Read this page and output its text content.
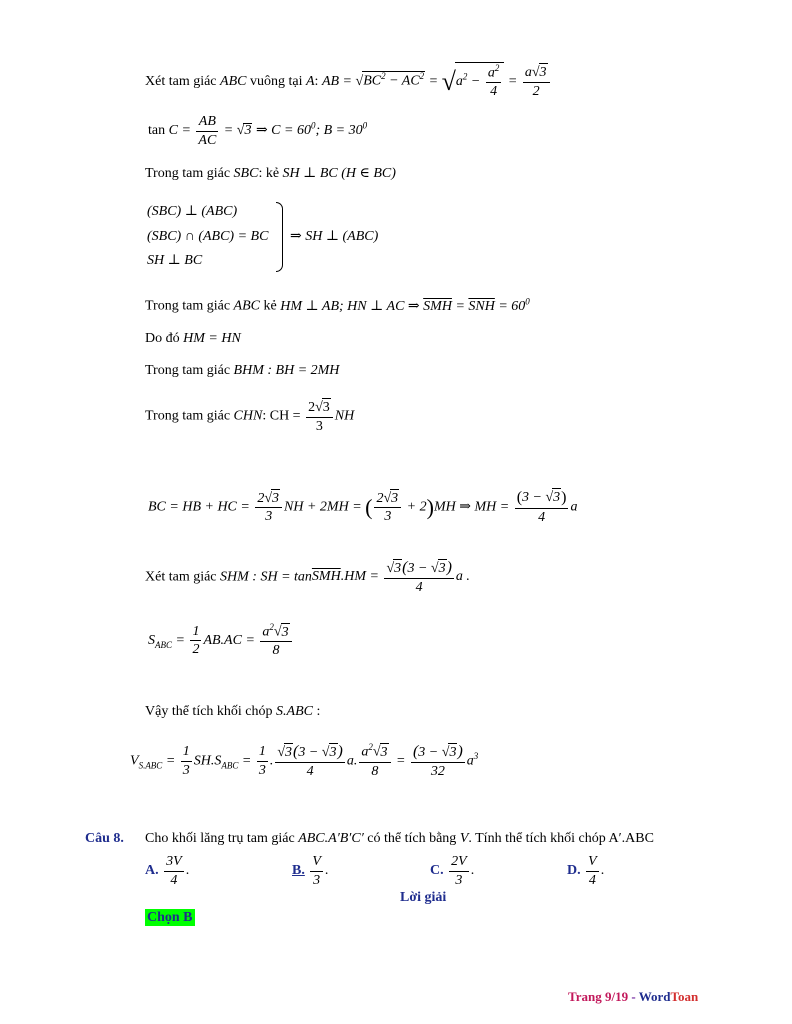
Xét tam giác ABC vuông tại A: AB = $√BC^2 - AC^2 = √a^2 - \frac{a^2}{4} = \frac{a√3}{2}$
$\tan C = \frac{AB}{AC} = √3$ ⇒ $C = 60^0$; $B = 30^0$
Trong tam giác SBC: kẻ SH ⊥ BC (H ∈ BC)
(SBC) ⊥ (ABC)
(SBC) ∩ (ABC) = BC
SH ⊥ BC
⇒ SH ⊥ (ABC)
Trong tam giác ABC kẻ HM ⊥ AB; HN ⊥ AC ⇒ $\overline{SMH} = \overline{SNH} = 60^0$
Do đó HM = HN
Trong tam giác BHM : BH = 2MH
Trong tam giác CHN: CH = $\frac{2√3}{3}$ NH
BC = HB + HC = $\frac{2√3}{3}$ NH + 2MH = ( $\frac{2√3}{3} + 2)MH$ ⇒ MH = $\frac{(3 - √3)}{4}$ a
Xét tam giác SHM : SH = $\tan\overline{SMH}.HM = \frac{√3(3 - √3)}{4}$ a .
$S_{ABC} = \frac{1}{2} AB.AC = \frac{a^2√3}{8}$
Vậy thể tích khối chóp S.ABC :
$V_{S.ABC} = \frac{1}{3} SH.S_{ABC} = \frac{1}{3}$ . $\frac{√3(3 - √3)}{4} a$. $\frac{a^2√3}{8} = \frac{(3 - √3)}{32} a^3$
Câu 8. Cho khối lăng trụ tam giác ABC.A′B′C′ có thể tích bằng V. Tính thể tích khối chóp A′.ABC
A. $\frac{3V}{4}$ .	B. $\frac{V}{3}$ .	C. $\frac{2V}{3}$ .	D. $\frac{V}{4}$ .
Lời giải
Chọn B
Trang 9/19 - WordToan
